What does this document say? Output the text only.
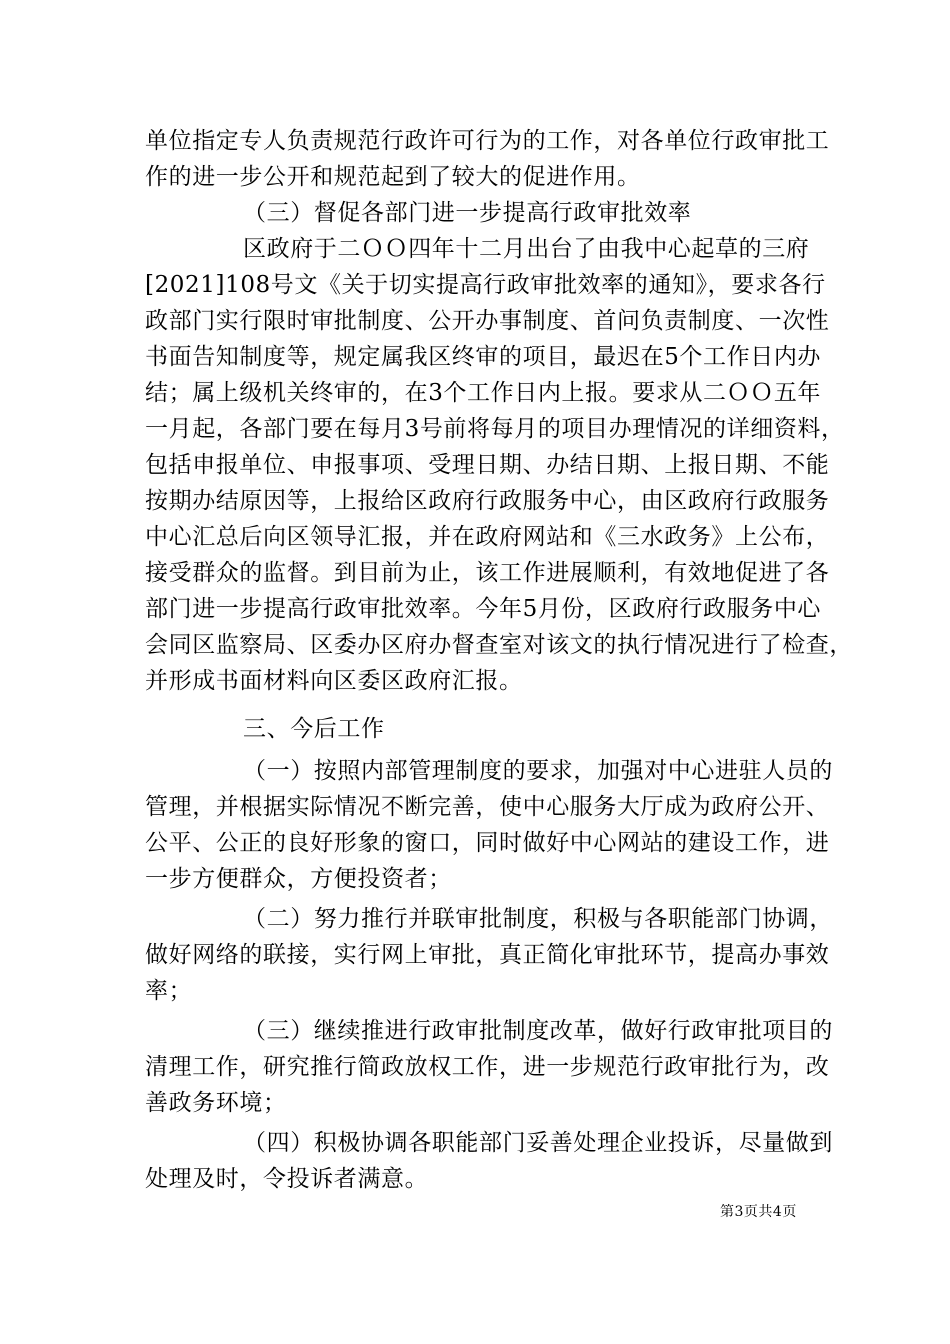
单位指定专人负责规范行政许可行为的工作，对各单位行政审批工
作的进一步公开和规范起到了较大的促进作用。
（三）督促各部门进一步提高行政审批效率
区政府于二ＯＯ四年十二月出台了由我中心起草的三府
[2021]108号文《关于切实提高行政审批效率的通知》，要求各行
政部门实行限时审批制度、公开办事制度、首问负责制度、一次性
书面告知制度等，规定属我区终审的项目，最迟在5个工作日内办
结；属上级机关终审的，在3个工作日内上报。要求从二ＯＯ五年
一月起，各部门要在每月3号前将每月的项目办理情况的详细资料，
包括申报单位、申报事项、受理日期、办结日期、上报日期、不能
按期办结原因等，上报给区政府行政服务中心，由区政府行政服务
中心汇总后向区领导汇报，并在政府网站和《三水政务》上公布，
接受群众的监督。到目前为止，该工作进展顺利，有效地促进了各
部门进一步提高行政审批效率。今年5月份，区政府行政服务中心
会同区监察局、区委办区府办督查室对该文的执行情况进行了检查，
并形成书面材料向区委区政府汇报。
三、今后工作
（一）按照内部管理制度的要求，加强对中心进驻人员的
管理，并根据实际情况不断完善，使中心服务大厅成为政府公开、
公平、公正的良好形象的窗口，同时做好中心网站的建设工作，进
一步方便群众，方便投资者；
（二）努力推行并联审批制度，积极与各职能部门协调，
做好网络的联接，实行网上审批，真正简化审批环节，提高办事效
率；
（三）继续推进行政审批制度改革，做好行政审批项目的
清理工作，研究推行简政放权工作，进一步规范行政审批行为，改
善政务环境；
（四）积极协调各职能部门妥善处理企业投诉，尽量做到
处理及时，令投诉者满意。
第3页共4页
